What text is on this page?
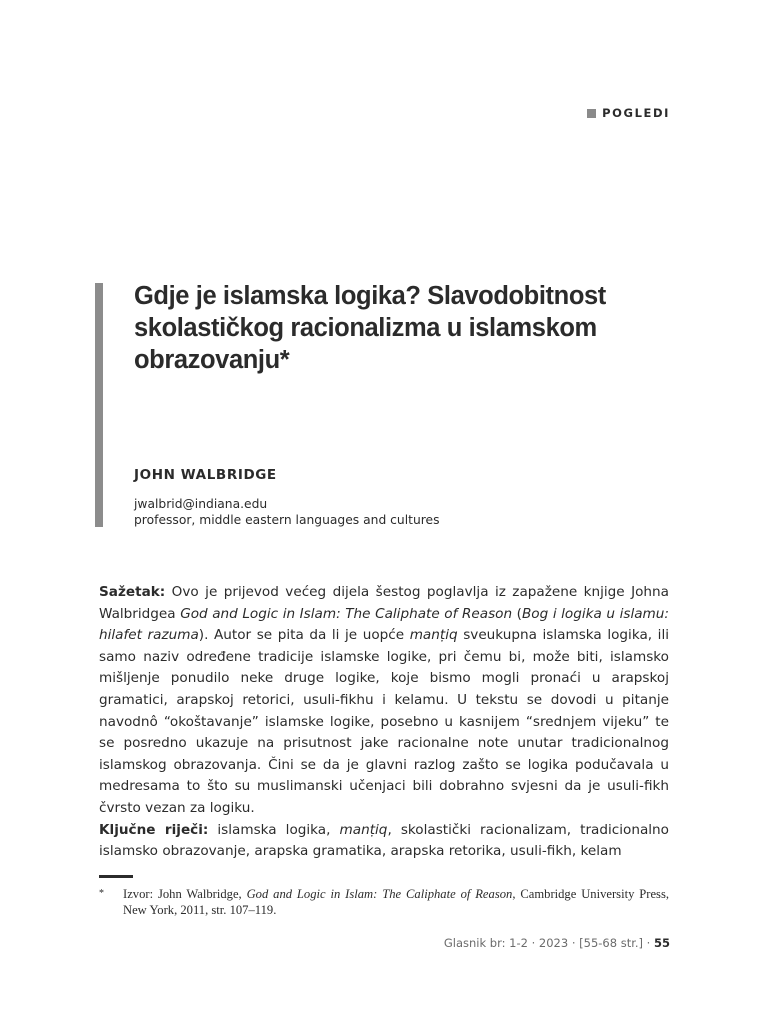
POGLEDI
Gdje je islamska logika? Slavodobitnost skolastičkog racionalizma u islamskom obrazovanju*
JOHN WALBRIDGE
jwalbrid@indiana.edu
professor, middle eastern languages and cultures

Sažetak: Ovo je prijevod većeg dijela šestog poglavlja iz zapažene knjige Johna Walbridgea God and Logic in Islam: The Caliphate of Reason (Bog i logika u islamu: hilafet razuma). Autor se pita da li je uopće manṭiq sveukupna islamska logika, ili samo naziv određene tradicije islamske logike, pri čemu bi, može biti, islamsko mišljenje ponudilo neke druge logike, koje bismo mogli pronaći u arapskoj gramatici, arapskoj retorici, usuli-fikhu i kelamu. U tekstu se dovodi u pitanje navodnô “okoštavanje” islamske logike, posebno u kasnijem “srednjem vijeku” te se posredno ukazuje na prisutnost jake racionalne note unutar tradicionalnog islamskog obrazovanja. Čini se da je glavni razlog zašto se logika podučavala u medresama to što su muslimanski učenjaci bili dobrahno svjesni da je usuli-fikh čvrsto vezan za logiku.
Ključne riječi: islamska logika, manṭiq, skolastički racionalizam, tradicionalno islamsko obrazovanje, arapska gramatika, arapska retorika, usuli-fikh, kelam

* Izvor: John Walbridge, God and Logic in Islam: The Caliphate of Reason, Cambridge University Press, New York, 2011, str. 107–119.
Glasnik br: 1-2 · 2023 · [55-68 str.] · 55
